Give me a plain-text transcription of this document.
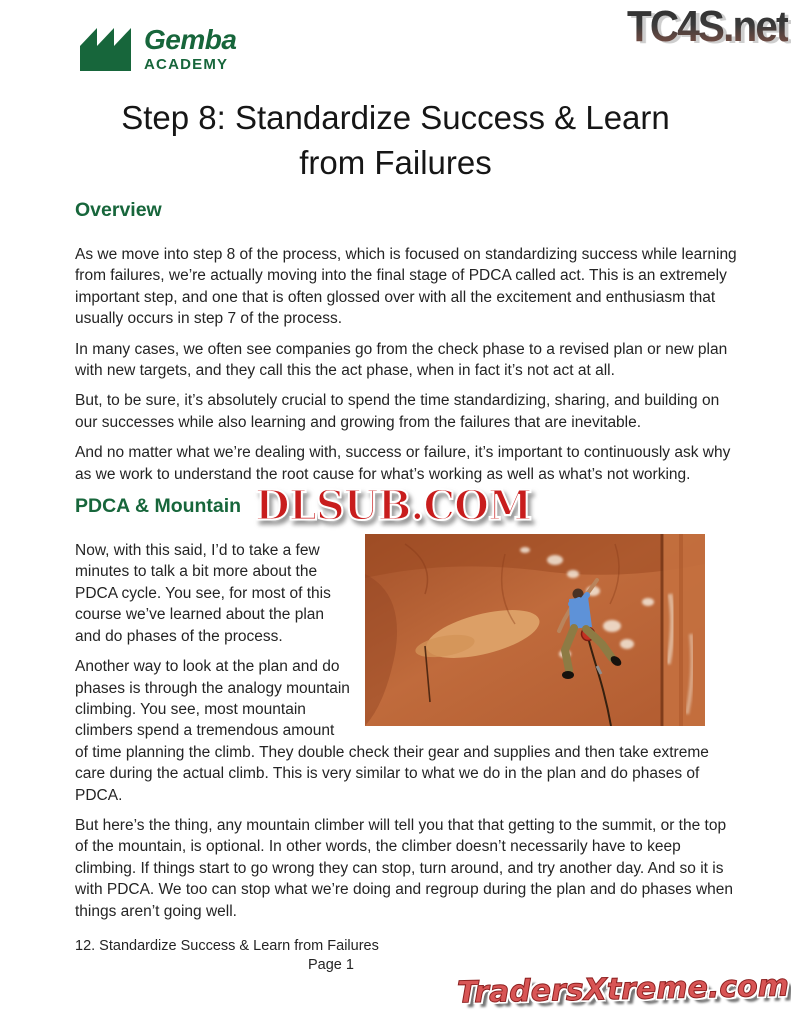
TC4S.net
Gemba
ACADEMY
Step 8: Standardize Success & Learn
from Failures
Overview

As we move into step 8 of the process, which is focused on standardizing success while learning from failures, we’re actually moving into the final stage of PDCA called act. This is an extremely important step, and one that is often glossed over with all the excitement and enthusiasm that usually occurs in step 7 of the process.

In many cases, we often see companies go from the check phase to a revised plan or new plan with new targets, and they call this the act phase, when in fact it’s not act at all.

But, to be sure, it’s absolutely crucial to spend the time standardizing, sharing, and building on our successes while also learning and growing from the failures that are inevitable.

And no matter what we’re dealing with, success or failure, it’s important to continuously ask why as we work to understand the root cause for what’s working as well as what’s not working.

PDCA & Mountain DLSUB.COM

Now, with this said, I’d to take a few minutes to talk a bit more about the PDCA cycle. You see, for most of this course we’ve learned about the plan and do phases of the process.

Another way to look at the plan and do phases is through the analogy mountain climbing. You see, most mountain climbers spend a tremendous amount of time planning the climb. They double check their gear and supplies and then take extreme care during the actual climb. This is very similar to what we do in the plan and do phases of PDCA.

But here’s the thing, any mountain climber will tell you that that getting to the summit, or the top of the mountain, is optional. In other words, the climber doesn’t necessarily have to keep climbing. If things start to go wrong they can stop, turn around, and try another day. And so it is with PDCA. We too can stop what we’re doing and regroup during the plan and do phases when things aren’t going well.

12. Standardize Success & Learn from Failures
Page 1
TradersXtreme.com
